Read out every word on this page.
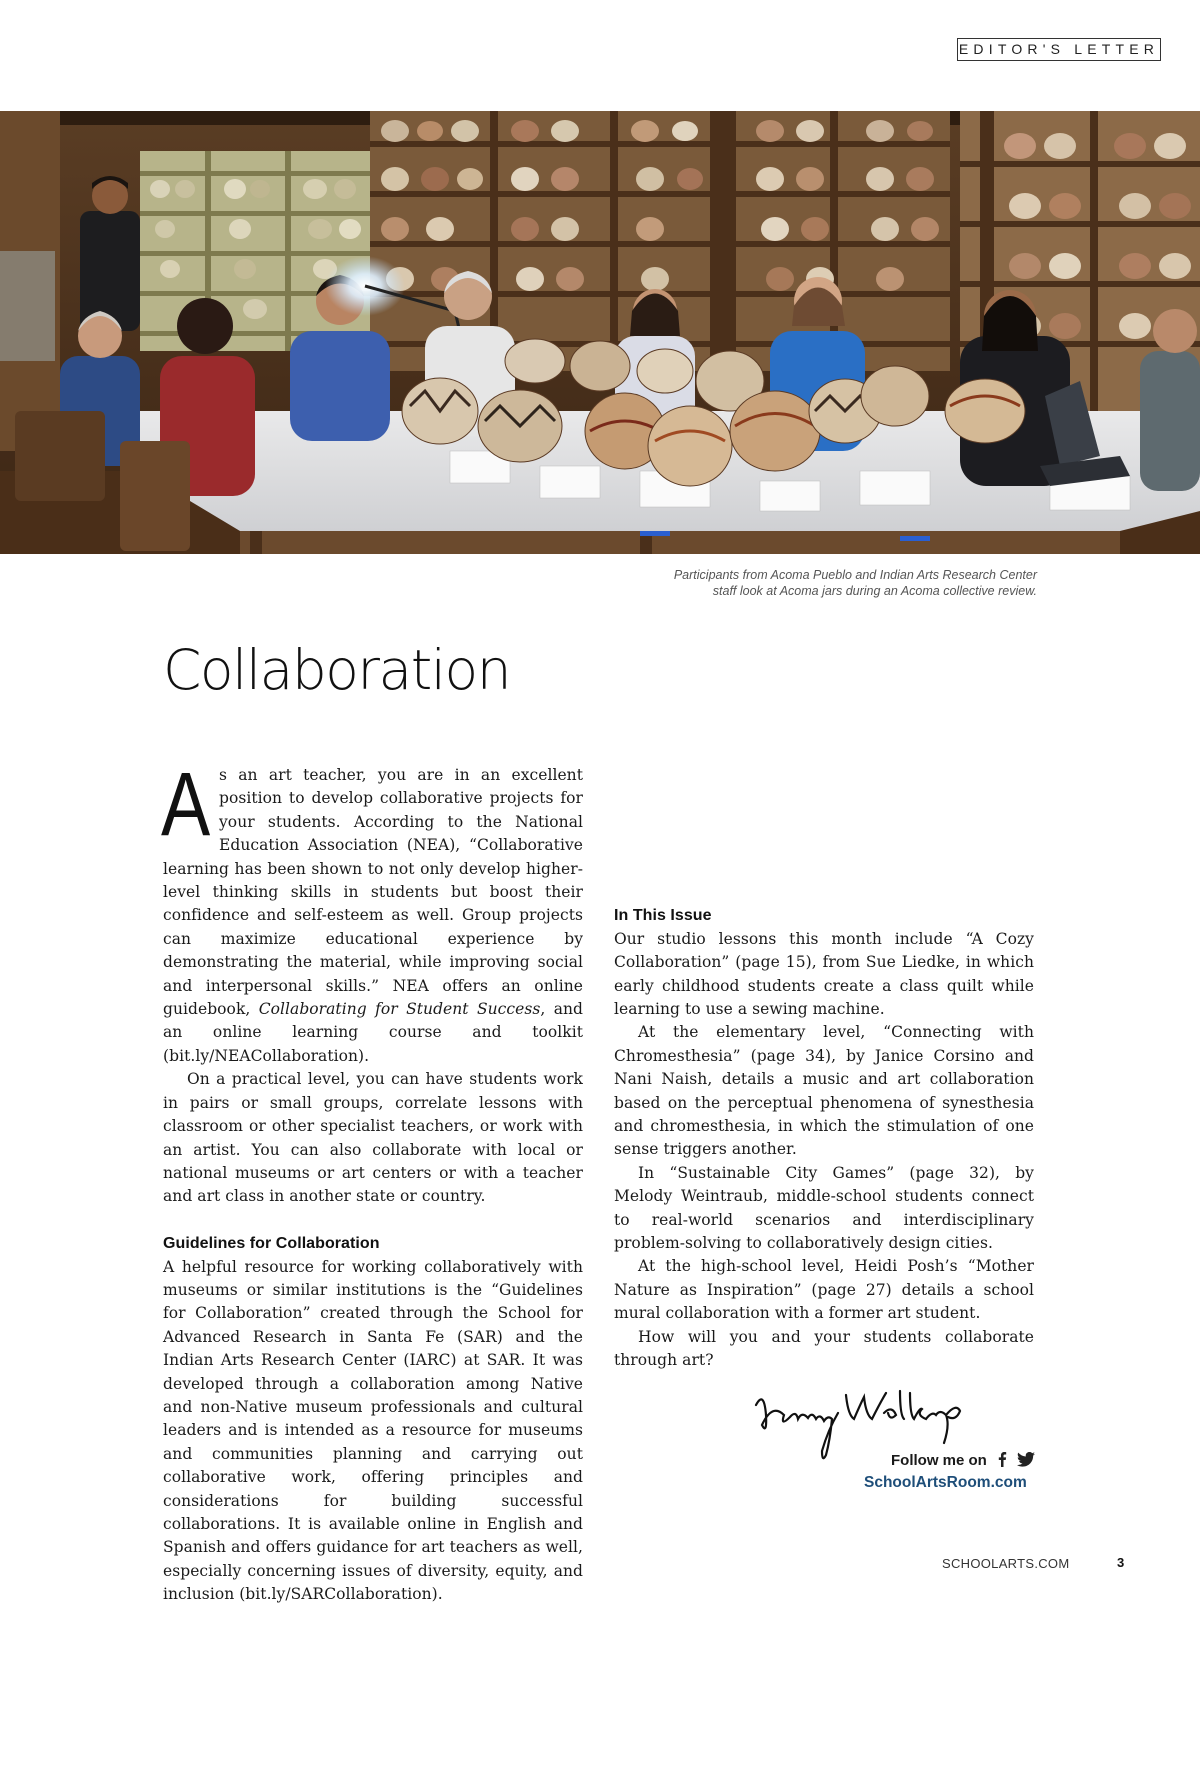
EDITOR'S LETTER
Participants from Acoma Pueblo and Indian Arts Research Center
staff look at Acoma jars during an Acoma collective review.
Collaboration

As an art teacher, you are in an excellent position to develop collaborative projects for your students. According to the National Education Association (NEA), “Collaborative learning has been shown to not only develop higher-level thinking skills in students but boost their confidence and self-esteem as well. Group projects can maximize educational experience by demonstrating the material, while improving social and interpersonal skills.” NEA offers an online guidebook, Collaborating for Student Success, and an online learning course and toolkit (bit.ly/NEACollaboration).

On a practical level, you can have students work in pairs or small groups, correlate lessons with classroom or other specialist teachers, or work with an artist. You can also collaborate with local or national museums or art centers or with a teacher and art class in another state or country.

Guidelines for Collaboration

A helpful resource for working collaboratively with museums or similar institutions is the “Guidelines for Collaboration” created through the School for Advanced Research in Santa Fe (SAR) and the Indian Arts Research Center (IARC) at SAR. It was developed through a collaboration among Native and non-Native museum professionals and cultural leaders and is intended as a resource for museums and communities planning and carrying out collaborative work, offering principles and considerations for building successful collaborations. It is available online in English and Spanish and offers guidance for art teachers as well, especially concerning issues of diversity, equity, and inclusion (bit.ly/SARCollaboration).

In This Issue

Our studio lessons this month include “A Cozy Collaboration” (page 15), from Sue Liedke, in which early childhood students create a class quilt while learning to use a sewing machine.

At the elementary level, “Connecting with Chromesthesia” (page 34), by Janice Corsino and Nani Naish, details a music and art collaboration based on the perceptual phenomena of synesthesia and chromesthesia, in which the stimulation of one sense triggers another.

In “Sustainable City Games” (page 32), by Melody Weintraub, middle-school students connect to real-world scenarios and interdisciplinary problem-solving to collaboratively design cities.

At the high-school level, Heidi Posh’s “Mother Nature as Inspiration” (page 27) details a school mural collaboration with a former art student.

How will you and your students collaborate through art?

Follow me on
SchoolArtsRoom.com
SCHOOLARTS.COM	3
